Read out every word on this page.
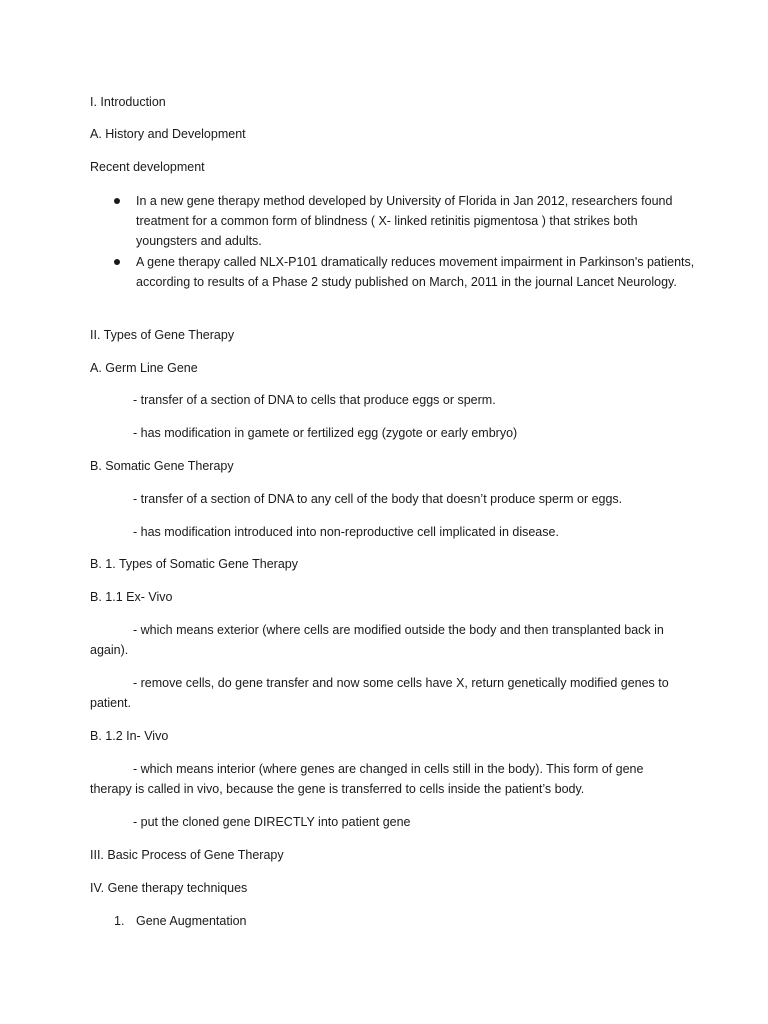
I. Introduction
A. History and Development
Recent development
In a new gene therapy method developed by University of Florida in Jan 2012, researchers found treatment for a common form of blindness ( X- linked retinitis pigmentosa ) that strikes both youngsters and adults.
A gene therapy called NLX-P101 dramatically reduces movement impairment in Parkinson's patients, according to results of a Phase 2 study published on March, 2011 in the journal Lancet Neurology.
II. Types of Gene Therapy
A. Germ Line Gene
- transfer of a section of DNA to cells that produce eggs or sperm.
- has modification in gamete or fertilized egg (zygote or early embryo)
B. Somatic Gene Therapy
- transfer of a section of DNA to any cell of the body that doesn’t produce sperm or eggs.
- has modification introduced into non-reproductive cell implicated in disease.
B. 1. Types of Somatic Gene Therapy
B. 1.1 Ex- Vivo
- which means exterior (where cells are modified outside the body and then transplanted back in again).
- remove cells, do gene transfer and now some cells have X, return genetically modified genes to patient.
B. 1.2 In- Vivo
- which means interior (where genes are changed in cells still in the body). This form of gene therapy is called in vivo, because the gene is transferred to cells inside the patient’s body.
- put the cloned gene DIRECTLY into patient gene
III. Basic Process of Gene Therapy
IV. Gene therapy techniques
1. Gene Augmentation
